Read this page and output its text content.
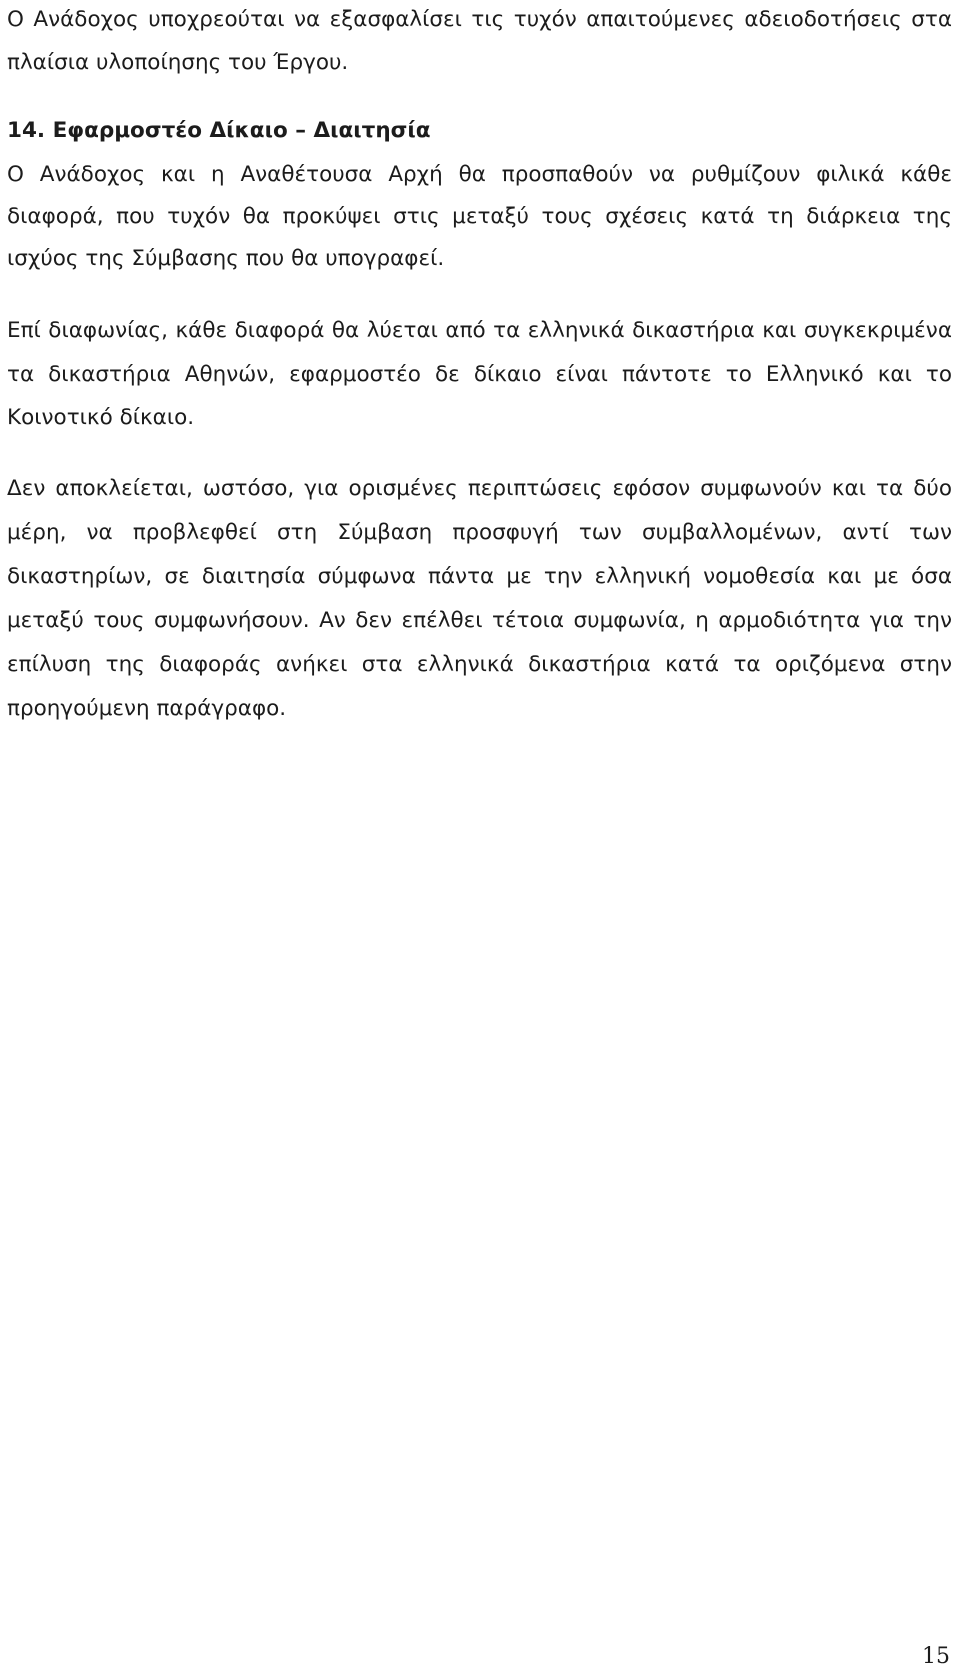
Ο Ανάδοχος υποχρεούται να εξασφαλίσει τις τυχόν απαιτούμενες αδειοδοτήσεις στα
πλαίσια υλοποίησης του Έργου.
14. Εφαρμοστέο Δίκαιο – Διαιτησία
Ο Ανάδοχος και η Αναθέτουσα Αρχή θα προσπαθούν να ρυθμίζουν φιλικά κάθε
διαφορά, που τυχόν θα προκύψει στις μεταξύ τους σχέσεις κατά τη διάρκεια της
ισχύος της Σύμβασης που θα υπογραφεί.
Επί διαφωνίας, κάθε διαφορά θα λύεται από τα ελληνικά δικαστήρια και συγκεκριμένα
τα δικαστήρια Αθηνών, εφαρμοστέο δε δίκαιο είναι πάντοτε το Ελληνικό και το
Κοινοτικό δίκαιο.
Δεν αποκλείεται, ωστόσο, για ορισμένες περιπτώσεις εφόσον συμφωνούν και τα δύο
μέρη, να προβλεφθεί στη Σύμβαση προσφυγή των συμβαλλομένων, αντί των
δικαστηρίων, σε διαιτησία σύμφωνα πάντα με την ελληνική νομοθεσία και με όσα
μεταξύ τους συμφωνήσουν. Αν δεν επέλθει τέτοια συμφωνία, η αρμοδιότητα για την
επίλυση της διαφοράς ανήκει στα ελληνικά δικαστήρια κατά τα οριζόμενα στην
προηγούμενη παράγραφο.
15
